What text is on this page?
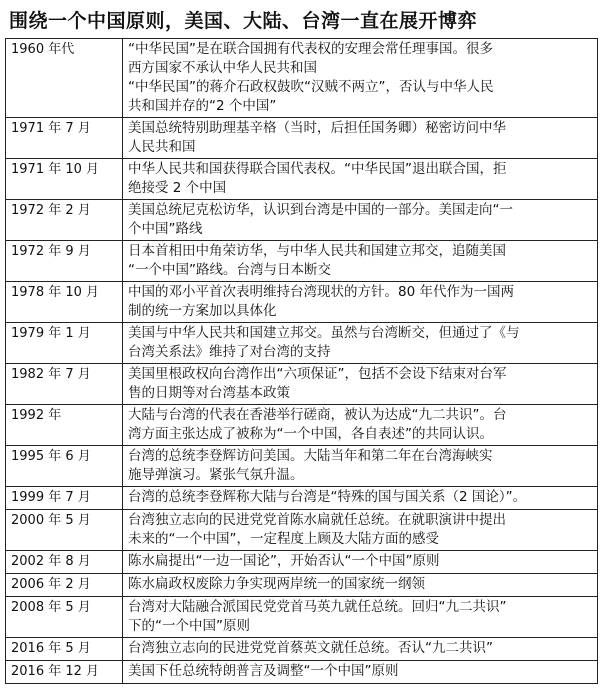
围绕一个中国原则，美国、大陆、台湾一直在展开博弈
1960 年代	“中华民国”是在联合国拥有代表权的安理会常任理事国。很多
西方国家不承认中华人民共和国
“中华民国”的蒋介石政权鼓吹“汉贼不两立”，否认与中华人民
共和国并存的“2 个中国”
1971 年 7 月	美国总统特别助理基辛格（当时，后担任国务卿）秘密访问中华
人民共和国
1971 年 10 月	中华人民共和国获得联合国代表权。“中华民国”退出联合国，拒
绝接受 2 个中国
1972 年 2 月	美国总统尼克松访华，认识到台湾是中国的一部分。美国走向“一
个中国”路线
1972 年 9 月	日本首相田中角荣访华，与中华人民共和国建立邦交，追随美国
“一个中国”路线。台湾与日本断交
1978 年 10 月	中国的邓小平首次表明维持台湾现状的方针。80 年代作为一国两
制的统一方案加以具体化
1979 年 1 月	美国与中华人民共和国建立邦交。虽然与台湾断交，但通过了《与
台湾关系法》维持了对台湾的支持
1982 年 7 月	美国里根政权向台湾作出“六项保证”，包括不会设下结束对台军
售的日期等对台湾基本政策
1992 年	大陆与台湾的代表在香港举行磋商，被认为达成“九二共识”。台
湾方面主张达成了被称为“一个中国，各自表述”的共同认识。
1995 年 6 月	台湾的总统李登辉访问美国。大陆当年和第二年在台湾海峡实
施导弹演习。紧张气氛升温。
1999 年 7 月	台湾的总统李登辉称大陆与台湾是“特殊的国与国关系（2 国论）”。
2000 年 5 月	台湾独立志向的民进党党首陈水扁就任总统。在就职演讲中提出
未来的“一个中国”，一定程度上顾及大陆方面的感受
2002 年 8 月	陈水扁提出“一边一国论”，开始否认“一个中国”原则
2006 年 2 月	陈水扁政权废除力争实现两岸统一的国家统一纲领
2008 年 5 月	台湾对大陆融合派国民党党首马英九就任总统。回归“九二共识”
下的“一个中国”原则
2016 年 5 月	台湾独立志向的民进党党首蔡英文就任总统。否认“九二共识”
2016 年 12 月	美国下任总统特朗普言及调整“一个中国”原则
